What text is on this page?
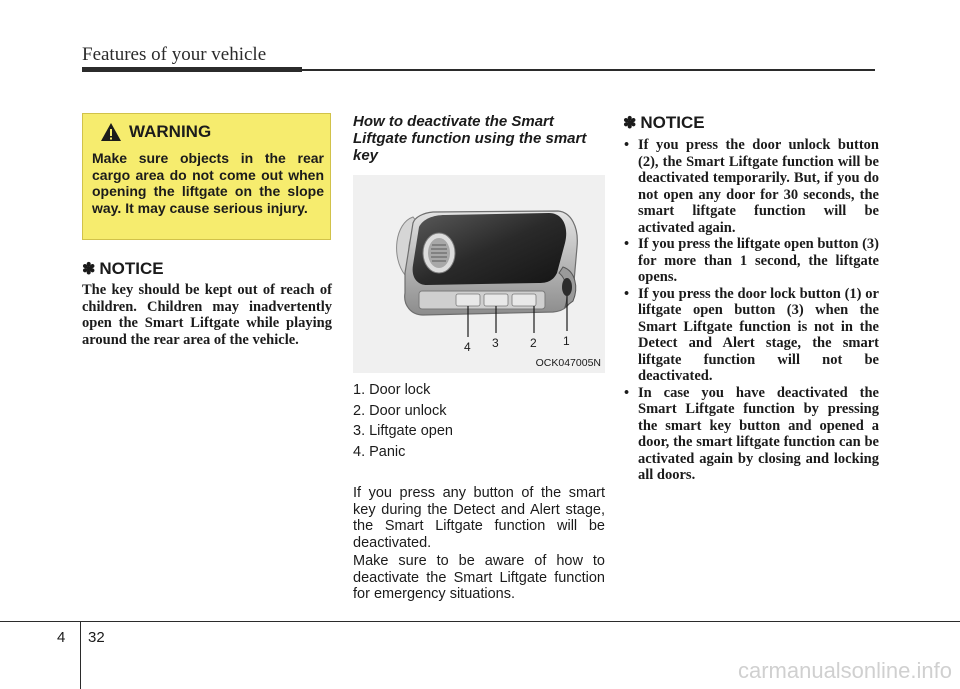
Features of your vehicle
WARNING
Make sure objects in the rear cargo area do not come out when opening the liftgate on the slope way. It may cause serious injury.
✽ NOTICE
The key should be kept out of reach of children. Children may inadvertently open the Smart Liftgate while playing around the rear area of the vehicle.
How to deactivate the Smart Liftgate function using the smart key
4 3	2 1
OCK047005N
1. Door lock
2. Door unlock
3. Liftgate open
4. Panic

If you press any button of the smart key during the Detect and Alert stage, the Smart Liftgate function will be deactivated.

Make sure to be aware of how to deactivate the Smart Liftgate function for emergency situations.

✽ NOTICE
• If you press the door unlock button (2), the Smart Liftgate function will be deactivated temporarily. But, if you do not open any door for 30 seconds, the smart liftgate function will be activated again.
• If you press the liftgate open button (3) for more than 1 second, the liftgate opens.
• If you press the door lock button (1) or liftgate open button (3) when the Smart Liftgate function is not in the Detect and Alert stage, the smart liftgate function will not be deactivated.
• In case you have deactivated the Smart Liftgate function by pressing the smart key button and opened a door, the smart liftgate function can be activated again by closing and locking all doors.
4 32
carmanualsonline.info
